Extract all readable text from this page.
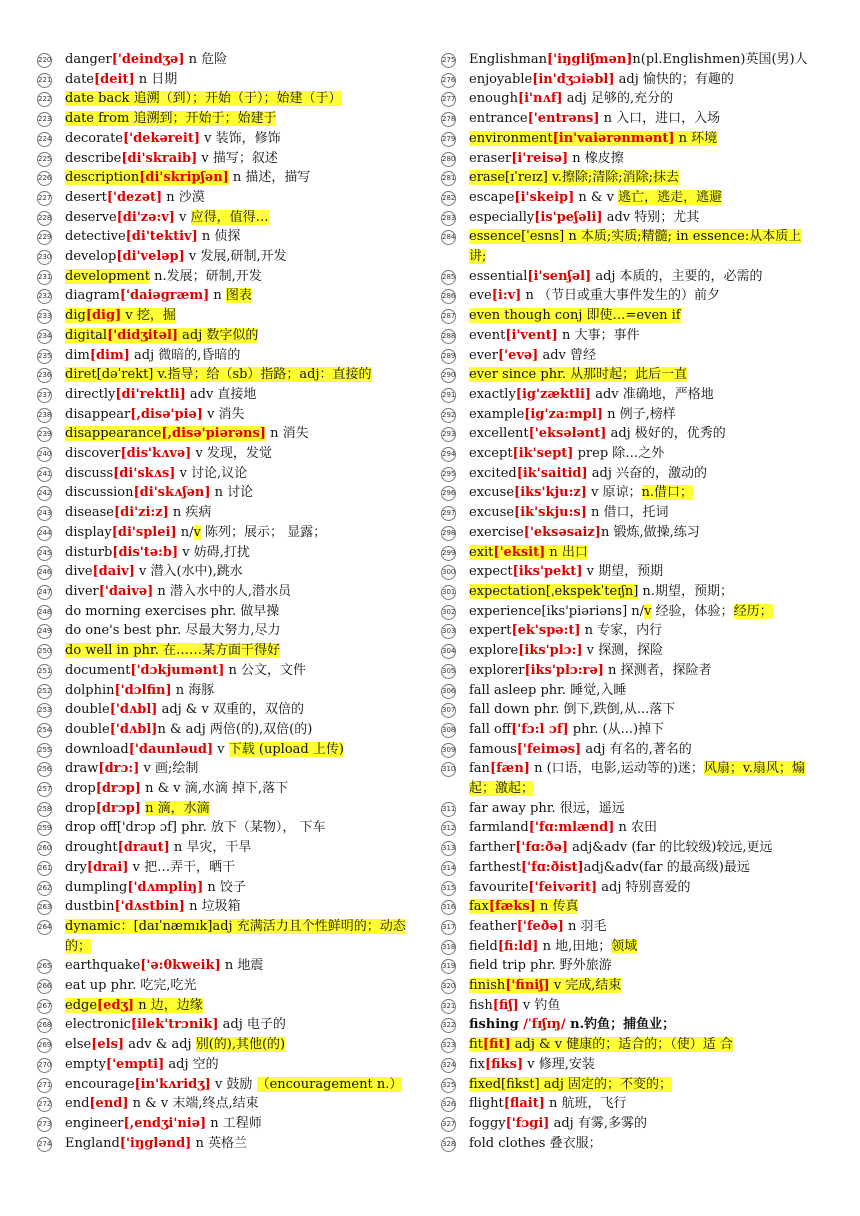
220 danger['deindʒə] n 危险

221 date[deit] n 日期

222 date back 追溯（到）；开始（于）；始建（于）

223 date from 追溯到；开始于；始建于

224 decorate['dekəreit] v 装饰，修饰

225 describe[di'skraib] v 描写；叙述

226 description[di'skripʃən] n 描述，描写

227 desert['dezət] n 沙漠

228 deserve[di'zə:v] v 应得，值得…

229 detective[di'tektiv] n 侦探

230 develop[di'veləp] v 发展,研制,开发

231 development n.发展；研制,开发

232 diagram['daiəgræm] n 图表

233 dig[dig] v 挖，掘

234 digital['didʒitəl] adj 数字似的

235 dim[dim] adj 微暗的,昏暗的

236 diret[dəˈrekt] v.指导；给（sb）指路；adj：直接的

237 directly[di'rektli] adv 直接地

238 disappear[,disə'piə] v 消失

239 disappearance[,disə'piərəns] n 消失

240 discover[dis'kʌvə] v 发现，发觉

241 discuss[di'skʌs] v 讨论,议论

242 discussion[di'skʌʃən] n 讨论

243 disease[di'zi:z] n 疾病

244 display[di'splei] n/v 陈列；展示； 显露；

245 disturb[dis'tə:b] v 妨碍,打扰

246 dive[daiv] v 潜入(水中),跳水

247 diver['daivə] n 潜入水中的人,潜水员

248 do morning exercises phr. 做早操

249 do one's best phr. 尽最大努力,尽力

250 do well in phr. 在……某方面干得好

251 document['dɔkjumənt] n 公文，文件

252 dolphin['dɔlfin] n 海豚

253 double['dʌbl] adj & v 双重的，双倍的

254 double['dʌbl]n & adj 两倍(的),双倍(的)

255 download['daunləud] v 下载 (upload 上传)

256 draw[drɔ:] v 画;绘制

257 drop[drɔp] n & v 滴,水滴 掉下,落下

258 drop[drɔp] n 滴，水滴

259 drop off['drɔp ɔf] phr. 放下（某物）， 下车

260 drought[draut] n 旱灾，干旱

261 dry[drai] v 把…弄干，晒干

262 dumpling['dʌmpliŋ] n 饺子

263 dustbin['dʌstbin] n 垃圾箱

264 dynamic：[daɪˈnæmɪk]adj 充满活力且个性鲜明的；动态的；

265 earthquake['ə:θkweik] n 地震

266 eat up phr. 吃完,吃光

267 edge[edʒ] n 边，边缘

268 electronic[ilek'trɔnik] adj 电子的

269 else[els] adv & adj 别(的),其他(的)

270 empty['empti] adj 空的

271 encourage[in'kʌridʒ] v 鼓励 （encouragement n.）

272 end[end] n & v 末端,终点,结束

273 engineer[,endʒi'niə] n 工程师

274 England['iŋglənd] n 英格兰

275 Englishman['iŋgliʃmən]n(pl.Englishmen)英国(男)人

276 enjoyable[in'dʒɔiəbl] adj 愉快的；有趣的

277 enough[i'nʌf] adj 足够的,充分的

278 entrance['entrəns] n 入口，进口，入场

279 environment[in'vaiərənmənt] n 环境

280 eraser[i'reisə] n 橡皮擦

281 erase[ɪˈreɪz] v.擦除;清除;消除;抹去

282 escape[i'skeip] n & v 逃亡，逃走，逃避

283 especially[is'peʃəli] adv 特别；尤其

284 essence[ˈesns] n 本质;实质;精髓; in essence:从本质上讲;

285 essential[i'senʃəl] adj 本质的，主要的，必需的

286 eve[i:v] n （节日或重大事件发生的）前夕

287 even though conj 即使…=even if

288 event[i'vent] n 大事；事件

289 ever['evə] adv 曾经

290 ever since phr. 从那时起；此后一直

291 exactly[ig'zæktli] adv 准确地，严格地

292 example[ig'za:mpl] n 例子,榜样

293 excellent['eksələnt] adj 极好的，优秀的

294 except[ik'sept] prep 除…之外

295 excited[ik'saitid] adj 兴奋的，激动的

296 excuse[iks'kju:z] v 原谅；n.借口；

297 excuse[ik'skju:s] n 借口，托词

298 exercise['eksəsaiz]n 锻炼,做操,练习

299 exit['eksit] n 出口

300 expect[iks'pekt] v 期望，预期

301 expectation[ˌekspekˈteɪʃn] n.期望，预期；

302 experience[iks'piəriəns] n/v 经验，体验；经历；

303 expert[ek'spə:t] n 专家，内行

304 explore[iks'plɔ:] v 探测，探险

305 explorer[iks'plɔ:rə] n 探测者，探险者

306 fall asleep phr. 睡觉,入睡

307 fall down phr. 倒下,跌倒,从...落下

308 fall off['fɔ:l ɔf] phr. (从...)掉下

309 famous['feiməs] adj 有名的,著名的

310 fan[fæn] n (口语，电影,运动等的)迷；风扇；v.扇风；煽起；激起；

311 far away phr. 很远，遥远

312 farmland['fɑ:mlænd] n 农田

313 farther['fɑ:ðə] adj&adv (far 的比较级)较远,更远

314 farthest['fɑ:ðist]adj&adv(far 的最高级)最远

315 favourite['feivərit] adj 特别喜爱的

316 fax[fæks] n 传真

317 feather['feðə] n 羽毛

318 field[fi:ld] n 地,田地；领域

319 field trip phr. 野外旅游

320 finish['finiʃ] v 完成,结束

321 fish[fiʃ] v 钓鱼

322 fishing /ˈfɪʃɪŋ/ n.钓鱼；捕鱼业；

323 fit[fit] adj & v 健康的；适合的；（使）适 合

324 fix[fiks] v 修理,安装

325 fixed[fikst] adj 固定的；不变的；

326 flight[flait] n 航班，飞行

327 foggy['fɔgi] adj 有雾,多雾的

328 fold clothes 叠衣服；
